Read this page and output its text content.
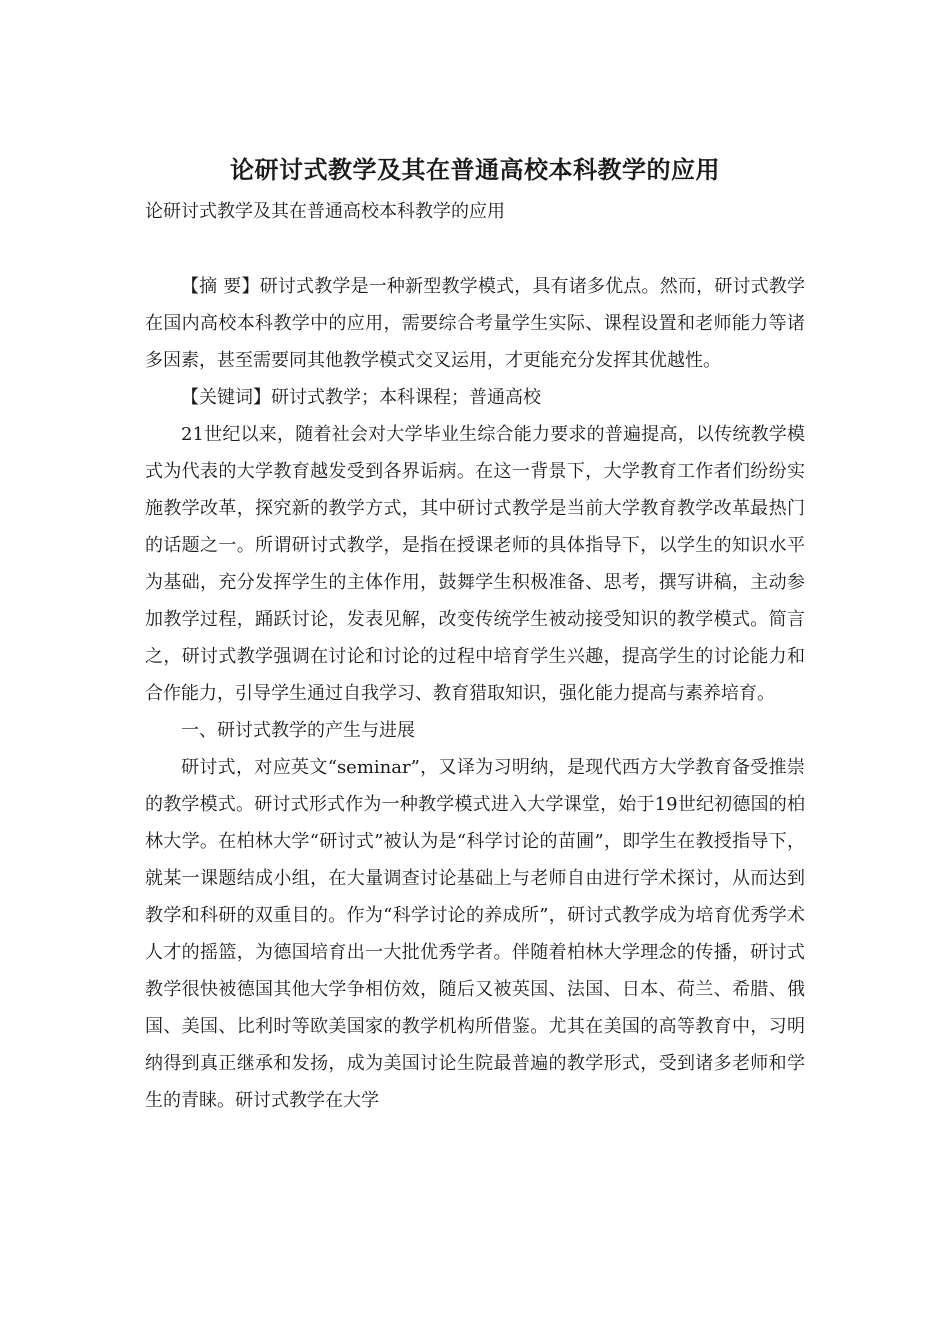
论研讨式教学及其在普通高校本科教学的应用
论研讨式教学及其在普通高校本科教学的应用

【摘 要】研讨式教学是一种新型教学模式，具有诸多优点。然而，研讨式教学在国内高校本科教学中的应用，需要综合考量学生实际、课程设置和老师能力等诸多因素，甚至需要同其他教学模式交叉运用，才更能充分发挥其优越性。

【关键词】研讨式教学；本科课程；普通高校

21世纪以来，随着社会对大学毕业生综合能力要求的普遍提高，以传统教学模式为代表的大学教育越发受到各界诟病。在这一背景下，大学教育工作者们纷纷实施教学改革，探究新的教学方式，其中研讨式教学是当前大学教育教学改革最热门的话题之一。所谓研讨式教学，是指在授课老师的具体指导下，以学生的知识水平为基础，充分发挥学生的主体作用，鼓舞学生积极准备、思考，撰写讲稿，主动参加教学过程，踊跃讨论，发表见解，改变传统学生被动接受知识的教学模式。简言之，研讨式教学强调在讨论和讨论的过程中培育学生兴趣，提高学生的讨论能力和合作能力，引导学生通过自我学习、教育猎取知识，强化能力提高与素养培育。

一、研讨式教学的产生与进展

研讨式，对应英文“seminar”，又译为习明纳，是现代西方大学教育备受推崇的教学模式。研讨式形式作为一种教学模式进入大学课堂，始于19世纪初德国的柏林大学。在柏林大学“研讨式”被认为是“科学讨论的苗圃”，即学生在教授指导下，就某一课题结成小组，在大量调查讨论基础上与老师自由进行学术探讨，从而达到教学和科研的双重目的。作为“科学讨论的养成所”，研讨式教学成为培育优秀学术人才的摇篮，为德国培育出一大批优秀学者。伴随着柏林大学理念的传播，研讨式教学很快被德国其他大学争相仿效，随后又被英国、法国、日本、荷兰、希腊、俄国、美国、比利时等欧美国家的教学机构所借鉴。尤其在美国的高等教育中，习明纳得到真正继承和发扬，成为美国讨论生院最普遍的教学形式，受到诸多老师和学生的青睐。研讨式教学在大学
